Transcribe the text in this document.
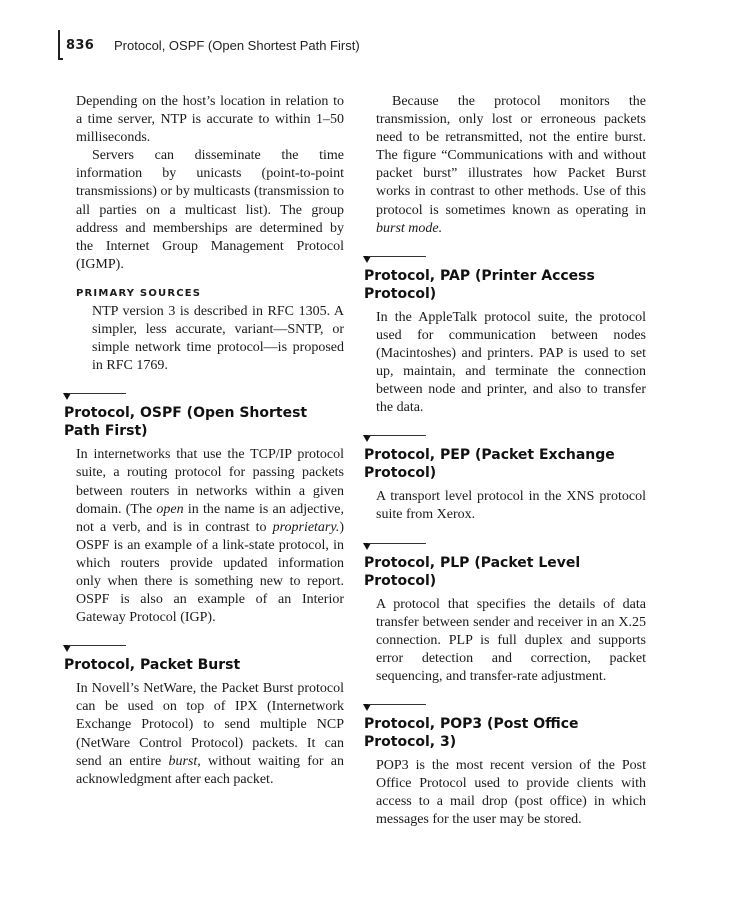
836 Protocol, OSPF (Open Shortest Path First)

Depending on the host’s location in relation to a time server, NTP is accurate to within 1–50 milliseconds.

Servers can disseminate the time information by unicasts (point-to-point transmissions) or by multicasts (transmission to all parties on a multicast list). The group address and memberships are determined by the Internet Group Management Protocol (IGMP).

PRIMARY SOURCES

NTP version 3 is described in RFC 1305. A simpler, less accurate, variant—SNTP, or simple network time protocol—is proposed in RFC 1769.

Protocol, OSPF (Open Shortest Path First)

In internetworks that use the TCP/IP protocol suite, a routing protocol for passing packets between routers in networks within a given domain. (The open in the name is an adjective, not a verb, and is in contrast to proprietary.) OSPF is an example of a link-state protocol, in which routers provide updated information only when there is something new to report. OSPF is also an example of an Interior Gateway Protocol (IGP).

Protocol, Packet Burst

In Novell’s NetWare, the Packet Burst protocol can be used on top of IPX (Internetwork Exchange Protocol) to send multiple NCP (NetWare Control Protocol) packets. It can send an entire burst, without waiting for an acknowledgment after each packet.

Because the protocol monitors the transmission, only lost or erroneous packets need to be retransmitted, not the entire burst. The figure “Communications with and without packet burst” illustrates how Packet Burst works in contrast to other methods. Use of this protocol is sometimes known as operating in burst mode.

Protocol, PAP (Printer Access Protocol)

In the AppleTalk protocol suite, the protocol used for communication between nodes (Macintoshes) and printers. PAP is used to set up, maintain, and terminate the connection between node and printer, and also to transfer the data.

Protocol, PEP (Packet Exchange Protocol)

A transport level protocol in the XNS protocol suite from Xerox.

Protocol, PLP (Packet Level Protocol)

A protocol that specifies the details of data transfer between sender and receiver in an X.25 connection. PLP is full duplex and supports error detection and correction, packet sequencing, and transfer-rate adjustment.

Protocol, POP3 (Post Office Protocol, 3)

POP3 is the most recent version of the Post Office Protocol used to provide clients with access to a mail drop (post office) in which messages for the user may be stored.
